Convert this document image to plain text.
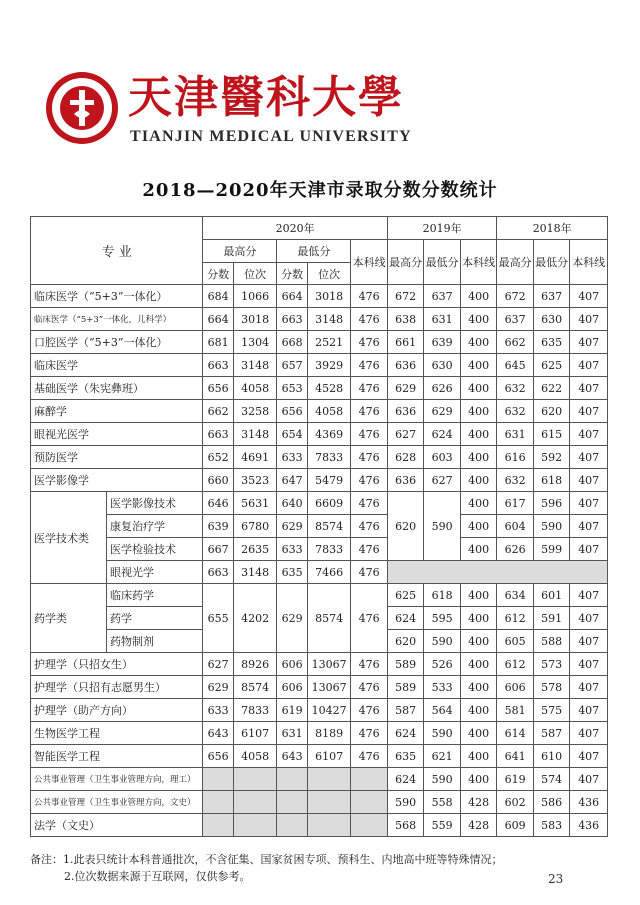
天津醫科大學
TIANJIN MEDICAL UNIVERSITY
2018—2020年天津市录取分数分数统计
专 业		2020年					2019年			2018年		
		最高分		最低分		本科线	最高分	最低分	本科线	最高分	最低分	本科线
		分数	位次	分数	位次							
临床医学（“5+3”一体化）		684	1066	664	3018	476	672	637	400	672	637	407
临床医学（“5+3”一体化，儿科学）		664	3018	663	3148	476	638	631	400	637	630	407
口腔医学（“5+3”一体化）		681	1304	668	2521	476	661	639	400	662	635	407
临床医学		663	3148	657	3929	476	636	630	400	645	625	407
基础医学（朱宪彝班）		656	4058	653	4528	476	629	626	400	632	622	407
麻醉学		662	3258	656	4058	476	636	629	400	632	620	407
眼视光医学		663	3148	654	4369	476	627	624	400	631	615	407
预防医学		652	4691	633	7833	476	628	603	400	616	592	407
医学影像学		660	3523	647	5479	476	636	627	400	632	618	407
医学技术类	医学影像技术	646	5631	640	6609	476	620	590	400	617	596	407
	康复治疗学	639	6780	629	8574	476			400	604	590	407
	医学检验技术	667	2635	633	7833	476			400	626	599	407
	眼视光学	663	3148	635	7466	476						
药学类	临床药学	655	4202	629	8574	476	625	618	400	634	601	407
	药学						624	595	400	612	591	407
	药物制剂						620	590	400	605	588	407
护理学（只招女生）		627	8926	606	13067	476	589	526	400	612	573	407
护理学（只招有志愿男生）		629	8574	606	13067	476	589	533	400	606	578	407
护理学（助产方向）		633	7833	619	10427	476	587	564	400	581	575	407
生物医学工程		643	6107	631	8189	476	624	590	400	614	587	407
智能医学工程		656	4058	643	6107	476	635	621	400	641	610	407
公共事业管理（卫生事业管理方向，理工）							624	590	400	619	574	407
公共事业管理（卫生事业管理方向，文史）							590	558	428	602	586	436
法学（文史）							568	559	428	609	583	436
备注：1.此表只统计本科普通批次，不含征集、国家贫困专项、预科生、内地高中班等特殊情况；
2.位次数据来源于互联网，仅供参考。	23
